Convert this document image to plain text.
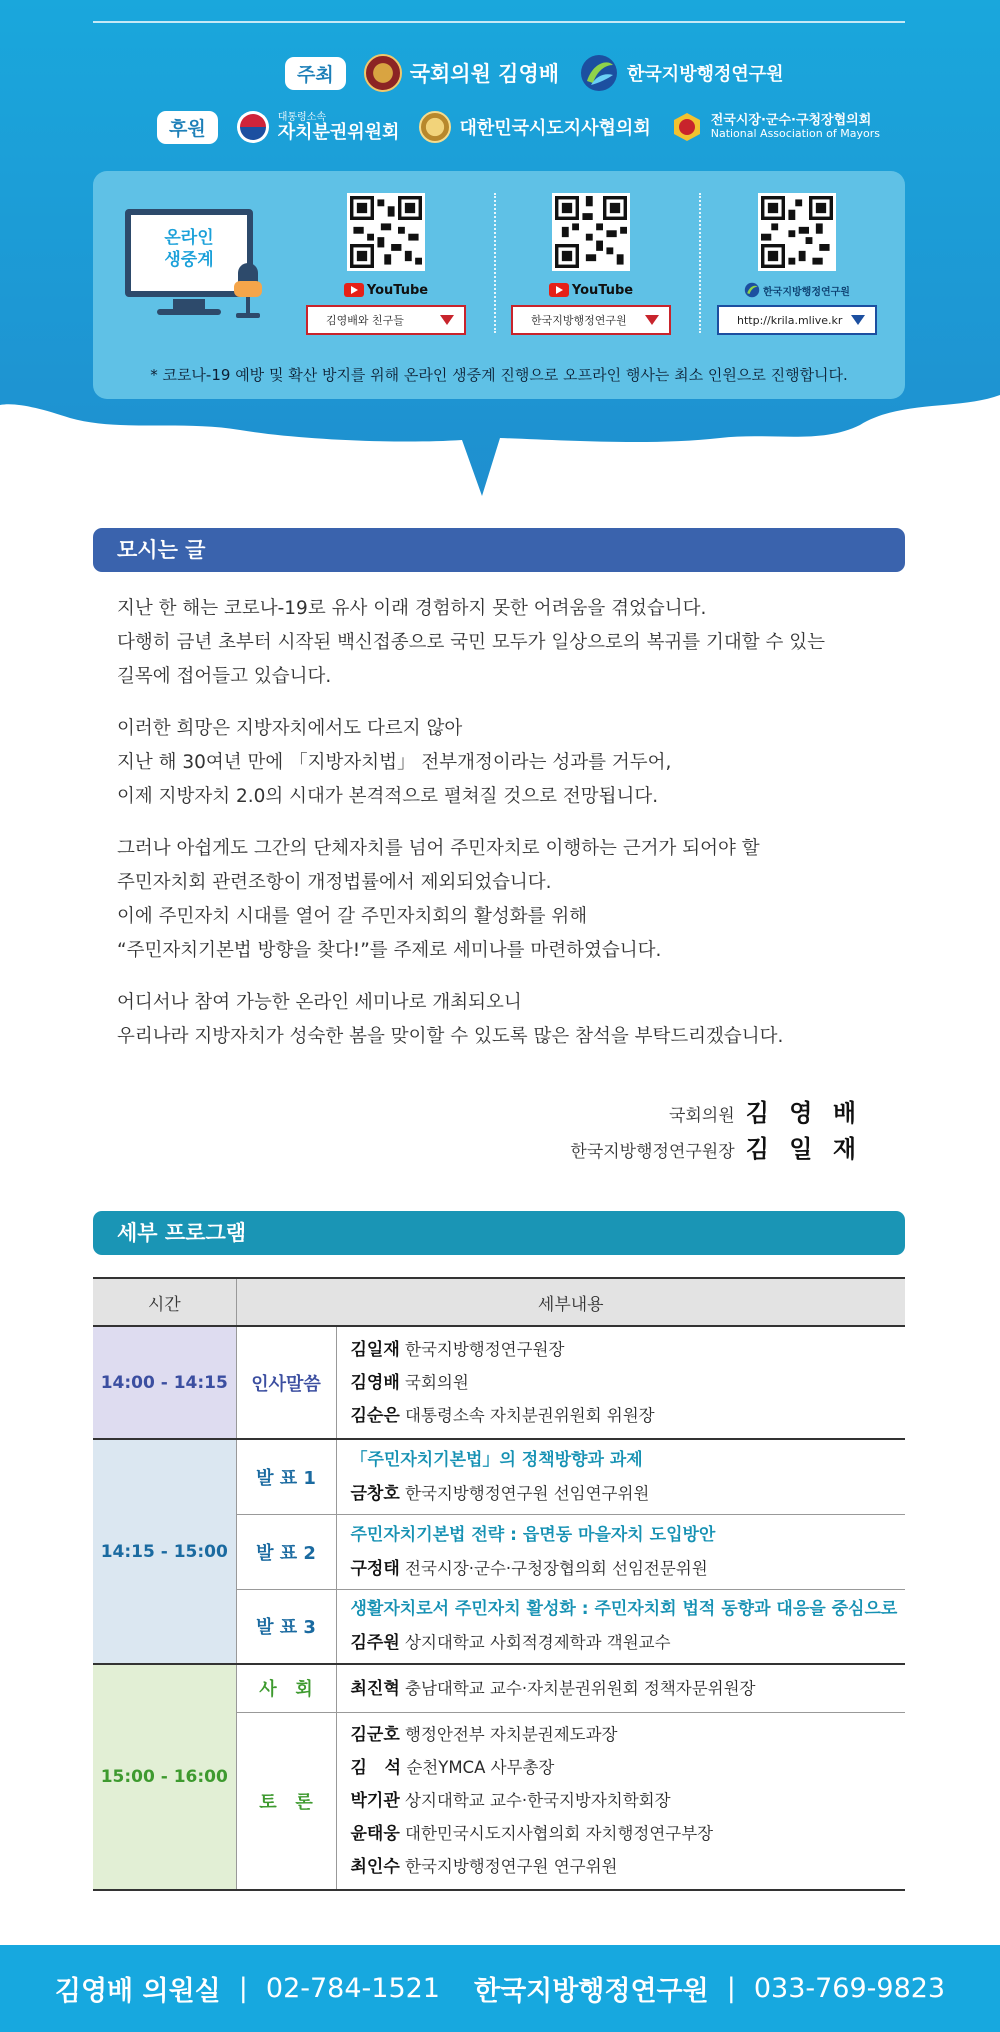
주최	국회의원 김영배	한국지방행정연구원
후원
대통령소속
자치분권위원회	대한민국시도지사협의회	전국시장·군수·구청장협의회
National Association of Mayors
온라인
생중계
YouTube
김영배와 친구들
YouTube
한국지방행정연구원
한국지방행정연구원
http://krila.mlive.kr
* 코로나-19 예방 및 확산 방지를 위해 온라인 생중계 진행으로 오프라인 행사는 최소 인원으로 진행합니다.
모시는 글
지난 한 해는 코로나-19로 유사 이래 경험하지 못한 어려움을 겪었습니다.
다행히 금년 초부터 시작된 백신접종으로 국민 모두가 일상으로의 복귀를 기대할 수 있는
길목에 접어들고 있습니다.
이러한 희망은 지방자치에서도 다르지 않아
지난 해 30여년 만에 「지방자치법」 전부개정이라는 성과를 거두어,
이제 지방자치 2.0의 시대가 본격적으로 펼쳐질 것으로 전망됩니다.
그러나 아쉽게도 그간의 단체자치를 넘어 주민자치로 이행하는 근거가 되어야 할
주민자치회 관련조항이 개정법률에서 제외되었습니다.
이에 주민자치 시대를 열어 갈 주민자치회의 활성화를 위해
“주민자치기본법 방향을 찾다!”를 주제로 세미나를 마련하였습니다.
어디서나 참여 가능한 온라인 세미나로 개최되오니
우리나라 지방자치가 성숙한 봄을 맞이할 수 있도록 많은 참석을 부탁드리겠습니다.
국회의원 김 영 배
한국지방행정연구원장 김 일 재
세부 프로그램
시간	세부내용	
14:00 - 14:15	인사말씀	김일재 한국지방행정연구원장
김영배 국회의원
김순은 대통령소속 자치분권위원회 위원장

14:15 - 15:00	발 표 1	「주민자치기본법」의 정책방향과 과제
금창호 한국지방행정연구원 선임연구위원

	발 표 2	주민자치기본법 전략 : 읍면동 마을자치 도입방안
구정태 전국시장·군수·구청장협의회 선임전문위원

	발 표 3	생활자치로서 주민자치 활성화 : 주민자치회 법적 동향과 대응을 중심으로
김주원 상지대학교 사회적경제학과 객원교수

15:00 - 16:00	사   회	최진혁 충남대학교 교수·자치분권위원회 정책자문위원장

	토   론	김군호 행정안전부 자치분권제도과장
김   석 순천YMCA 사무총장
박기관 상지대학교 교수·한국지방자치학회장
윤태웅 대한민국시도지사협의회 자치행정연구부장
최인수 한국지방행정연구원 연구위원
김영배 의원실 | 02-784-1521 한국지방행정연구원 | 033-769-9823
